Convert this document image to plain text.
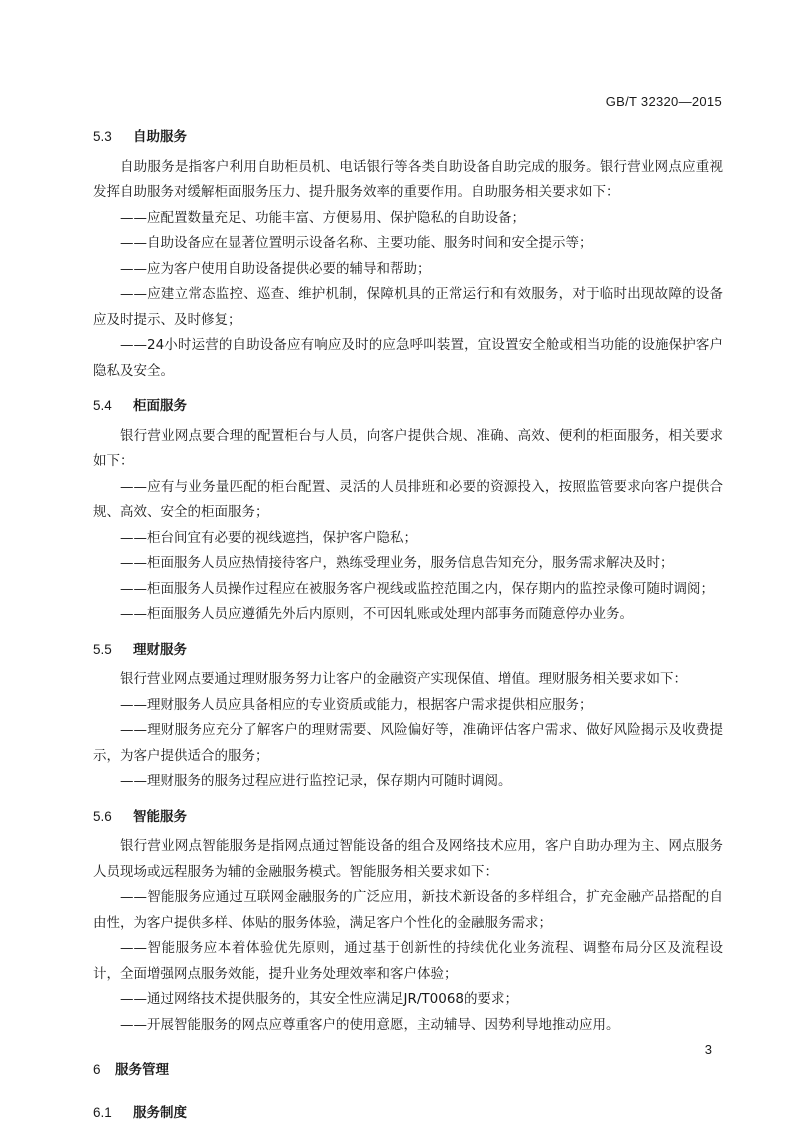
GB/T 32320—2015
5.3	自助服务

自助服务是指客户利用自助柜员机、电话银行等各类自助设备自助完成的服务。银行营业网点应重视发挥自助服务对缓解柜面服务压力、提升服务效率的重要作用。自助服务相关要求如下：

——应配置数量充足、功能丰富、方便易用、保护隐私的自助设备；

——自助设备应在显著位置明示设备名称、主要功能、服务时间和安全提示等；

——应为客户使用自助设备提供必要的辅导和帮助；

——应建立常态监控、巡查、维护机制，保障机具的正常运行和有效服务，对于临时出现故障的设备应及时提示、及时修复；

——24小时运营的自助设备应有响应及时的应急呼叫装置，宜设置安全舱或相当功能的设施保护客户隐私及安全。

5.4	柜面服务

银行营业网点要合理的配置柜台与人员，向客户提供合规、准确、高效、便利的柜面服务，相关要求如下：

——应有与业务量匹配的柜台配置、灵活的人员排班和必要的资源投入，按照监管要求向客户提供合规、高效、安全的柜面服务；

——柜台间宜有必要的视线遮挡，保护客户隐私；

——柜面服务人员应热情接待客户，熟练受理业务，服务信息告知充分，服务需求解决及时；

——柜面服务人员操作过程应在被服务客户视线或监控范围之内，保存期内的监控录像可随时调阅；

——柜面服务人员应遵循先外后内原则，不可因轧账或处理内部事务而随意停办业务。

5.5	理财服务

银行营业网点要通过理财服务努力让客户的金融资产实现保值、增值。理财服务相关要求如下：

——理财服务人员应具备相应的专业资质或能力，根据客户需求提供相应服务；

——理财服务应充分了解客户的理财需要、风险偏好等，准确评估客户需求、做好风险揭示及收费提示，为客户提供适合的服务；

——理财服务的服务过程应进行监控记录，保存期内可随时调阅。

5.6	智能服务

银行营业网点智能服务是指网点通过智能设备的组合及网络技术应用，客户自助办理为主、网点服务人员现场或远程服务为辅的金融服务模式。智能服务相关要求如下：

——智能服务应通过互联网金融服务的广泛应用，新技术新设备的多样组合，扩充金融产品搭配的自由性，为客户提供多样、体贴的服务体验，满足客户个性化的金融服务需求；

——智能服务应本着体验优先原则，通过基于创新性的持续优化业务流程、调整布局分区及流程设计，全面增强网点服务效能，提升业务处理效率和客户体验；

——通过网络技术提供服务的，其安全性应满足JR/T0068的要求；

——开展智能服务的网点应尊重客户的使用意愿，主动辅导、因势利导地推动应用。

6	服务管理
6.1	服务制度
3
